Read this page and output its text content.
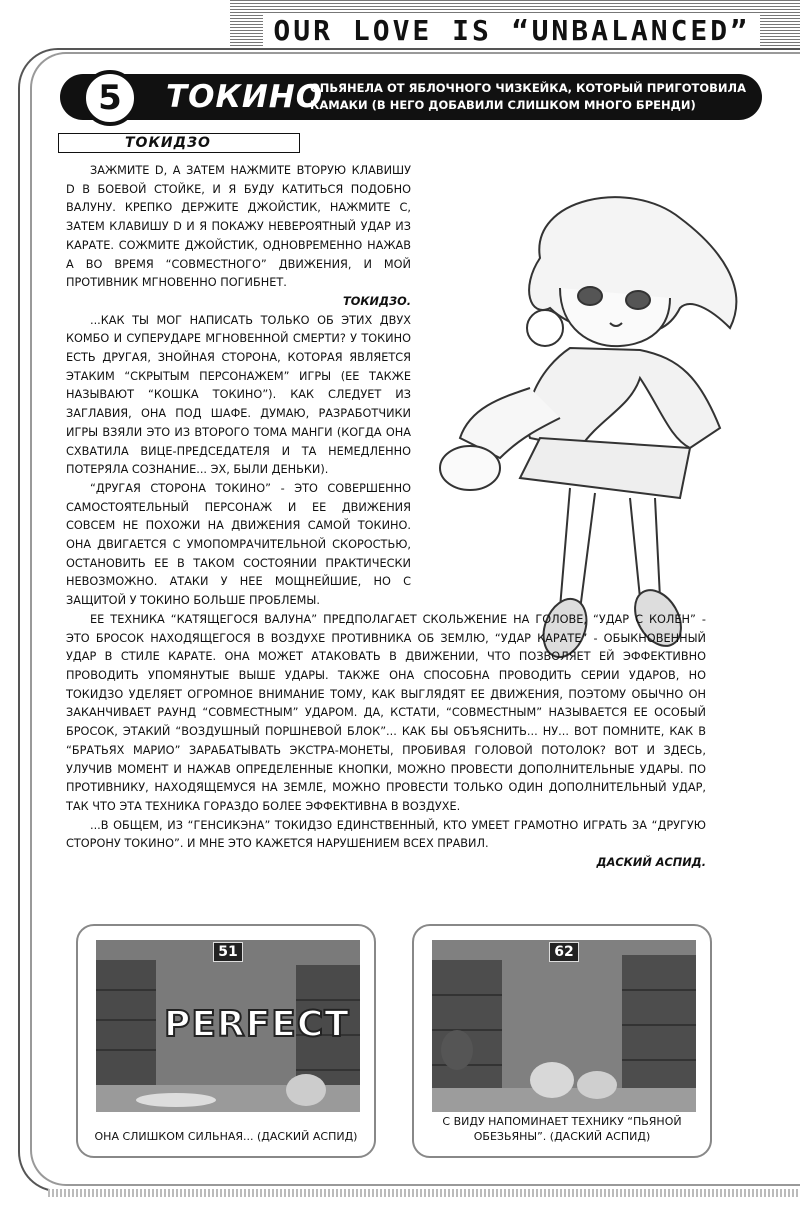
OUR LOVE IS “UNBALANCED”
5	ТОКИНО
ОПЬЯНЕЛА ОТ ЯБЛОЧНОГО ЧИЗКЕЙКА, КОТОРЫЙ ПРИГОТОВИЛА КАМАКИ (В НЕГО ДОБАВИЛИ СЛИШКОМ МНОГО БРЕНДИ)
ТОКИДЗО

ЗАЖМИТЕ D, А ЗАТЕМ НАЖМИТЕ ВТОРУЮ КЛАВИШУ D В БОЕВОЙ СТОЙКЕ, И Я БУДУ КАТИТЬСЯ ПОДОБНО ВАЛУНУ. КРЕПКО ДЕРЖИТЕ ДЖОЙСТИК, НАЖМИТЕ C, ЗАТЕМ КЛАВИШУ D И Я ПОКАЖУ НЕВЕРОЯТНЫЙ УДАР ИЗ КАРАТЕ. СОЖМИТЕ ДЖОЙСТИК, ОДНОВРЕМЕННО НАЖАВ A ВО ВРЕМЯ “СОВМЕСТНОГО” ДВИЖЕНИЯ, И МОЙ ПРОТИВНИК МГНОВЕННО ПОГИБНЕТ.

ТОКИДЗО.

...КАК ТЫ МОГ НАПИСАТЬ ТОЛЬКО ОБ ЭТИХ ДВУХ КОМБО И СУПЕРУДАРЕ МГНОВЕННОЙ СМЕРТИ? У ТОКИНО ЕСТЬ ДРУГАЯ, ЗНОЙНАЯ СТОРОНА, КОТОРАЯ ЯВЛЯЕТСЯ ЭТАКИМ “СКРЫТЫМ ПЕРСОНАЖЕМ” ИГРЫ (ЕЕ ТАКЖЕ НАЗЫВАЮТ “КОШКА ТОКИНО”). КАК СЛЕДУЕТ ИЗ ЗАГЛАВИЯ, ОНА ПОД ШАФЕ. ДУМАЮ, РАЗРАБОТЧИКИ ИГРЫ ВЗЯЛИ ЭТО ИЗ ВТОРОГО ТОМА МАНГИ (КОГДА ОНА СХВАТИЛА ВИЦЕ-ПРЕДСЕДАТЕЛЯ И ТА НЕМЕДЛЕННО ПОТЕРЯЛА СОЗНАНИЕ... ЭХ, БЫЛИ ДЕНЬКИ).

“ДРУГАЯ СТОРОНА ТОКИНО” - ЭТО СОВЕРШЕННО САМОСТОЯТЕЛЬНЫЙ ПЕРСОНАЖ И ЕЕ ДВИЖЕНИЯ СОВСЕМ НЕ ПОХОЖИ НА ДВИЖЕНИЯ САМОЙ ТОКИНО. ОНА ДВИГАЕТСЯ С УМОПОМРАЧИТЕЛЬНОЙ СКОРОСТЬЮ, ОСТАНОВИТЬ ЕЕ В ТАКОМ СОСТОЯНИИ ПРАКТИЧЕСКИ НЕВОЗМОЖНО. АТАКИ У НЕЕ МОЩНЕЙШИЕ, НО С ЗАЩИТОЙ У ТОКИНО БОЛЬШЕ ПРОБЛЕМЫ.

ЕЕ ТЕХНИКА “КАТЯЩЕГОСЯ ВАЛУНА” ПРЕДПОЛАГАЕТ СКОЛЬЖЕНИЕ НА ГОЛОВЕ, “УДАР С КОЛЕН” - ЭТО БРОСОК НАХОДЯЩЕГОСЯ В ВОЗДУХЕ ПРОТИВНИКА ОБ ЗЕМЛЮ, “УДАР КАРАТЕ” - ОБЫКНОВЕННЫЙ УДАР В СТИЛЕ КАРАТЕ. ОНА МОЖЕТ АТАКОВАТЬ В ДВИЖЕНИИ, ЧТО ПОЗВОЛЯЕТ ЕЙ ЭФФЕКТИВНО ПРОВОДИТЬ УПОМЯНУТЫЕ ВЫШЕ УДАРЫ. ТАКЖЕ ОНА СПОСОБНА ПРОВОДИТЬ СЕРИИ УДАРОВ, НО ТОКИДЗО УДЕЛЯЕТ ОГРОМНОЕ ВНИМАНИЕ ТОМУ, КАК ВЫГЛЯДЯТ ЕЕ ДВИЖЕНИЯ, ПОЭТОМУ ОБЫЧНО ОН ЗАКАНЧИВАЕТ РАУНД “СОВМЕСТНЫМ” УДАРОМ. ДА, КСТАТИ, “СОВМЕСТНЫМ” НАЗЫВАЕТСЯ ЕЕ ОСОБЫЙ БРОСОК, ЭТАКИЙ “ВОЗДУШНЫЙ ПОРШНЕВОЙ БЛОК”... КАК БЫ ОБЪЯСНИТЬ... НУ... ВОТ ПОМНИТЕ, КАК В “БРАТЬЯХ МАРИО” ЗАРАБАТЫВАТЬ ЭКСТРА-МОНЕТЫ, ПРОБИВАЯ ГОЛОВОЙ ПОТОЛОК? ВОТ И ЗДЕСЬ, УЛУЧИВ МОМЕНТ И НАЖАВ ОПРЕДЕЛЕННЫЕ КНОПКИ, МОЖНО ПРОВЕСТИ ДОПОЛНИТЕЛЬНЫЕ УДАРЫ. ПО ПРОТИВНИКУ, НАХОДЯЩЕМУСЯ НА ЗЕМЛЕ, МОЖНО ПРОВЕСТИ ТОЛЬКО ОДИН ДОПОЛНИТЕЛЬНЫЙ УДАР, ТАК ЧТО ЭТА ТЕХНИКА ГОРАЗДО БОЛЕЕ ЭФФЕКТИВНА В ВОЗДУХЕ.

...В ОБЩЕМ, ИЗ “ГЕНСИКЭНА” ТОКИДЗО ЕДИНСТВЕННЫЙ, КТО УМЕЕТ ГРАМОТНО ИГРАТЬ ЗА “ДРУГУЮ СТОРОНУ ТОКИНО”. И МНЕ ЭТО КАЖЕТСЯ НАРУШЕНИЕМ ВСЕХ ПРАВИЛ.

ДАСКИЙ АСПИД.

51
PERFECT
ОНА СЛИШКОМ СИЛЬНАЯ... (ДАСКИЙ АСПИД)
62
С ВИДУ НАПОМИНАЕТ ТЕХНИКУ “ПЬЯНОЙ ОБЕЗЬЯНЫ”. (ДАСКИЙ АСПИД)
